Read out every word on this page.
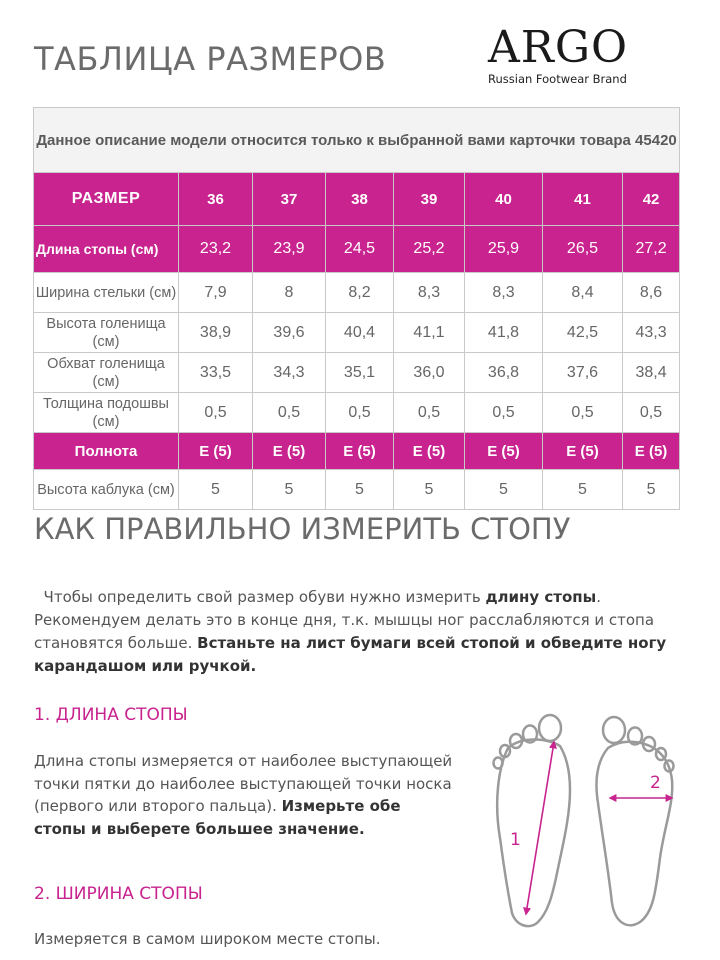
ТАБЛИЦА РАЗМЕРОВ ARGO
Russian Footwear Brand
Данное описание модели относится только к выбранной вами карточки товара 45420							
РАЗМЕР	36	37	38	39	40	41	42
Длина стопы (см)	23,2	23,9	24,5	25,2	25,9	26,5	27,2
Ширина стельки (см)	7,9	8	8,2	8,3	8,3	8,4	8,6
Высота голенища (см)	38,9	39,6	40,4	41,1	41,8	42,5	43,3
Обхват голенища (см)	33,5	34,3	35,1	36,0	36,8	37,6	38,4
Толщина подошвы (см)	0,5	0,5	0,5	0,5	0,5	0,5	0,5
Полнота	E (5)	E (5)	E (5)	E (5)	E (5)	E (5)	E (5)
Высота каблука (см)	5	5	5	5	5	5	5
КАК ПРАВИЛЬНО ИЗМЕРИТЬ СТОПУ
Чтобы определить свой размер обуви нужно измерить длину стопы. Рекомендуем делать это в конце дня, т.к. мышцы ног расслабляются и стопа становятся больше. Встаньте на лист бумаги всей стопой и обведите ногу карандашом или ручкой.
1. ДЛИНА СТОПЫ
Длина стопы измеряется от наиболее выступающей точки пятки до наиболее выступающей точки носка (первого или второго пальца). Измерьте обе стопы и выберете большее значение.
2. ШИРИНА СТОПЫ
Измеряется в самом широком месте стопы.
1
2
